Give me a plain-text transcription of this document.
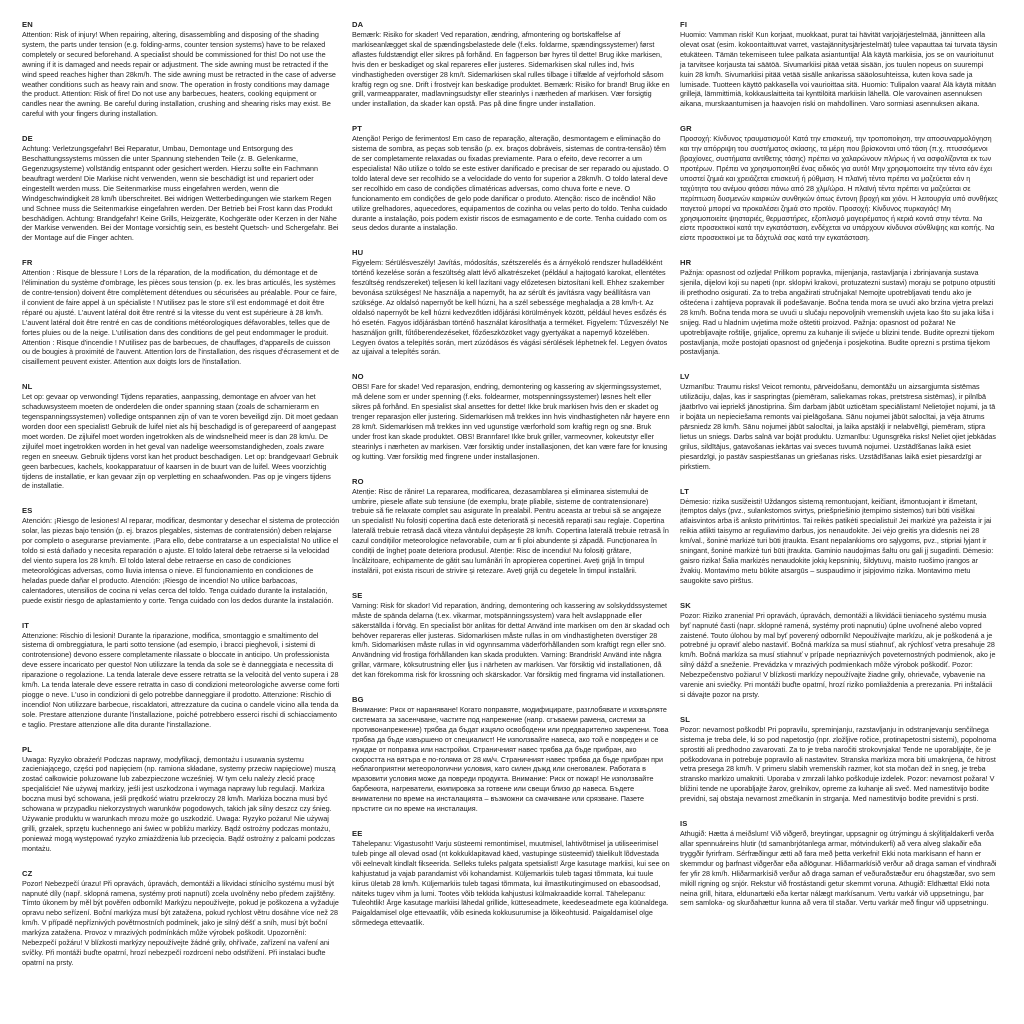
EN

Attention: Risk of injury! When repairing, altering, disassembling and disposing of the shading system, the parts under tension (e.g. folding-arms, counter tension systems) have to be relaxed completely or secured beforehand. A specialist should be commissioned for this! Do not use the awning if it is damaged and needs repair or adjustment. The side awning must be retracted if the wind speed reaches higher than 28km/h. The side awning must be retracted in the case of adverse weather conditions such as heavy rain and snow. The operation in frosty conditions may damage the product. Attention: Risk of fire! Do not use any barbecues, heaters, cooking equipment or candles near the awning. Be careful during installation, crushing and shearing risks may exist. Be careful with your fingers during installation.

DE

Achtung: Verletzungsgefahr! Bei Reparatur, Umbau, Demontage und Entsorgung des Beschattungssystems müssen die unter Spannung stehenden Teile (z. B. Gelenkarme, Gegenzugsysteme) vollständig entspannt oder gesichert werden. Hierzu sollte ein Fachmann beauftragt werden! Die Markise nicht verwenden, wenn sie beschädigt ist und repariert oder eingestellt werden muss. Die Seitenmarkise muss eingefahren werden, wenn die Windgeschwindigkeit 28 km/h überschreitet. Bei widrigen Wetterbedingungen wie starkem Regen und Schnee muss die Seitenmarkise eingefahren werden. Der Betrieb bei Frost kann das Produkt beschädigen. Achtung: Brandgefahr! Keine Grills, Heizgeräte, Kochgeräte oder Kerzen in der Nähe der Markise verwenden. Bei der Montage vorsichtig sein, es besteht Quetsch- und Schergefahr. Bei der Montage auf die Finger achten.

FR

Attention : Risque de blessure ! Lors de la réparation, de la modification, du démontage et de l'élimination du système d'ombrage, les pièces sous tension (p. ex. les bras articulés, les systèmes de contre-tension) doivent être complètement détendues ou sécurisées au préalable. Pour ce faire, il convient de faire appel à un spécialiste ! N'utilisez pas le store s'il est endommagé et doit être réparé ou ajusté. L'auvent latéral doit être rentré si la vitesse du vent est supérieure à 28 km/h. L'auvent latéral doit être rentré en cas de conditions météorologiques défavorables, telles que de fortes pluies ou de la neige. L'utilisation dans des conditions de gel peut endommager le produit. Attention : Risque d'incendie ! N'utilisez pas de barbecues, de chauffages, d'appareils de cuisson ou de bougies à proximité de l'auvent. Attention lors de l'installation, des risques d'écrasement et de cisaillement peuvent exister. Attention aux doigts lors de l'installation.

NL

Let op: gevaar op verwonding! Tijdens reparaties, aanpassing, demontage en afvoer van het schaduwsysteem moeten de onderdelen die onder spanning staan (zoals de scharnierarm en tegenspanningssystemen) volledige ontspannen zijn of van te voren beveiligd zijn. Dit moet gedaan worden door een specialist! Gebruik de luifel niet als hij beschadigd is of gerepareerd of aangepast moet worden. De zijluifel moet worden ingetrokken als de windsnelheid meer is dan 28 km/u. De zijluifel moet ingetrokken worden in het geval van nadelige weersomstandigheden, zoals zware regen en sneeuw. Gebruik tijdens vorst kan het product beschadigen. Let op: brandgevaar! Gebruik geen barbecues, kachels, kookapparatuur of kaarsen in de buurt van de luifel. Wees voorzichtig tijdens de installatie, er kan gevaar zijn op verpletting en schaafwonden. Pas op je vingers tijdens de installatie.

ES

Atención: ¡Riesgo de lesiones! Al reparar, modificar, desmontar y desechar el sistema de protección solar, las piezas bajo tensión (p. ej. brazos plegables, sistemas de contratensión) deben relajarse por completo o asegurarse previamente. ¡Para ello, debe contratarse a un especialista! No utilice el toldo si está dañado y necesita reparación o ajuste. El toldo lateral debe retraerse si la velocidad del viento supera los 28 km/h. El toldo lateral debe retraerse en caso de condiciones meteorológicas adversas, como lluvia intensa o nieve. El funcionamiento en condiciones de heladas puede dañar el producto. Atención: ¡Riesgo de incendio! No utilice barbacoas, calentadores, utensilios de cocina ni velas cerca del toldo. Tenga cuidado durante la instalación, puede existir riesgo de aplastamiento y corte. Tenga cuidado con los dedos durante la instalación.

IT

Attenzione: Rischio di lesioni! Durante la riparazione, modifica, smontaggio e smaltimento del sistema di ombreggiatura, le parti sotto tensione (ad esempio, i bracci pieghevoli, i sistemi di controtensione) devono essere completamente rilassate o bloccate in anticipo. Un professionista deve essere incaricato per questo! Non utilizzare la tenda da sole se è danneggiata e necessita di riparazione o regolazione. La tenda laterale deve essere retratta se la velocità del vento supera i 28 km/h. La tenda laterale deve essere retratta in caso di condizioni meteorologiche avverse come forti piogge o neve. L'uso in condizioni di gelo potrebbe danneggiare il prodotto. Attenzione: Rischio di incendio! Non utilizzare barbecue, riscaldatori, attrezzature da cucina o candele vicino alla tenda da sole. Prestare attenzione durante l'installazione, poiché potrebbero esserci rischi di schiacciamento e taglio. Prestare attenzione alle dita durante l'installazione.

PL

Uwaga: Ryzyko obrażeń! Podczas naprawy, modyfikacji, demontażu i usuwania systemu zacieniającego, części pod napięciem (np. ramiona składane, systemy przeciw napięciowe) muszą zostać całkowicie poluzowane lub zabezpieczone wcześniej. W tym celu należy zlecić pracę specjaliście! Nie używaj markizy, jeśli jest uszkodzona i wymaga naprawy lub regulacji. Markiza boczna musi być schowana, jeśli prędkość wiatru przekroczy 28 km/h. Markiza boczna musi być schowana w przypadku niekorzystnych warunków pogodowych, takich jak silny deszcz czy śnieg. Używanie produktu w warunkach mrozu może go uszkodzić. Uwaga: Ryzyko pożaru! Nie używaj grilli, grzałek, sprzętu kuchennego ani świec w pobliżu markizy. Bądź ostrożny podczas montażu, ponieważ mogą występować ryzyko zmiażdżenia lub przecięcia. Bądź ostrożny z palcami podczas montażu.

CZ

Pozor! Nebezpečí úrazu! Při opravách, úpravách, demontáži a likvidaci stínicího systému musí být napnuté díly (např. sklopná ramena, systémy proti napnutí) zcela uvolněny nebo předem zajištěny. Tímto úkonem by měl být pověřen odborník! Markýzu nepoužívejte, pokud je poškozena a vyžaduje opravu nebo seřízení. Boční markýza musí být zatažena, pokud rychlost větru dosáhne více než 28 km/h. V případě nepříznivých povětrnostních podmínek, jako je silný déšť a sníh, musí být boční markýza zatažena. Provoz v mrazivých podmínkách může výrobek poškodit. Upozornění: Nebezpečí požáru! V blízkosti markýzy nepoužívejte žádné grily, ohřívače, zařízení na vaření ani svíčky. Při montáži buďte opatrní, hrozí nebezpečí rozdrcení nebo odstřižení. Při instalaci buďte opatrní na prsty.

DA

Bemærk: Risiko for skader! Ved reparation, ændring, afmontering og bortskaffelse af markiseanlægget skal de spændingsbelastede dele (f.eks. foldarme, spændingssystemer) først aflastes fuldstændigt eller sikres på forhånd. En fagperson bør hyres til dette! Brug ikke markisen, hvis den er beskadiget og skal repareres eller justeres. Sidemarkisen skal rulles ind, hvis vindhastigheden overstiger 28 km/t. Sidemarkisen skal rulles tilbage i tilfælde af vejrforhold såsom kraftig regn og sne. Drift i frostvejr kan beskadige produktet. Bemærk: Risiko for brand! Brug ikke en grill, varmeapparater, madlavningsudstyr eller stearinlys i nærheden af markisen. Vær forsigtig under installation, da skader kan opstå. Pas på dine fingre under installation.

PT

Atenção! Perigo de ferimentos! Em caso de reparação, alteração, desmontagem e eliminação do sistema de sombra, as peças sob tensão (p. ex. braços dobráveis, sistemas de contra-tensão) têm de ser completamente relaxadas ou fixadas previamente. Para o efeito, deve recorrer a um especialista! Não utilize o toldo se este estiver danificado e precisar de ser reparado ou ajustado. O toldo lateral deve ser recolhido se a velocidade do vento for superior a 28km/h. O toldo lateral deve ser recolhido em caso de condições climatéricas adversas, como chuva forte e neve. O funcionamento em condições de gelo pode danificar o produto. Atenção: risco de incêndio! Não utilize grelhadores, aquecedores, equipamentos de cozinha ou velas perto do toldo. Tenha cuidado durante a instalação, pois podem existir riscos de esmagamento e de corte. Tenha cuidado com os seus dedos durante a instalação.

HU

Figyelem: Sérülésveszély! Javítás, módosítás, szétszerelés és a árnyékoló rendszer hulladékként történő kezelése során a feszültség alatt lévő alkatrészeket (például a hajtogató karokat, ellentétes feszültség rendszereket) teljesen ki kell lazítani vagy előzetesen biztosítani kell. Ehhez szakember bevonása szükséges! Ne használja a napernyőt, ha az sérült és javításra vagy beállításra van szüksége. Az oldalsó napernyőt be kell húzni, ha a szél sebessége meghaladja a 28 km/h-t. Az oldalsó napernyőt be kell húzni kedvezőtlen időjárási körülmények között, például heves esőzés és hó esetén. Fagyos időjárásban történő használat károsíthatja a terméket. Figyelem: Tűzveszély! Ne használjon grillt, fűtőberendezéseket, főzőeszközöket vagy gyertyákat a napernyő közelében. Legyen óvatos a telepítés során, mert zúzódásos és vágási sérülések léphetnek fel. Legyen óvatos az ujjaival a telepítés során.

NO

OBS! Fare for skade! Ved reparasjon, endring, demontering og kassering av skjermingssystemet, må delene som er under spenning (f.eks. foldearmer, motspenningssystemer) løsnes helt eller sikres på forhånd. En spesialist skal ansettes for dette! Ikke bruk markisen hvis den er skadet og trenger reparasjon eller justering. Sidemarkisen må trekkes inn hvis vindhastigheten når høyere enn 28 km/t. Sidemarkisen må trekkes inn ved ugunstige værforhold som kraftig regn og snø. Bruk under frost kan skade produktet. OBS! Brannfare! Ikke bruk griller, varmeovner, kokeutstyr eller stearinlys i nærheten av markisen. Vær forsiktig under installasjonen, det kan være fare for knusing og kutting. Vær forsiktig med fingrene under installasjonen.

RO

Atenție: Risc de rănire! La repararea, modificarea, dezasamblarea și eliminarea sistemului de umbrire, piesele aflate sub tensiune (de exemplu, brațe pliabile, sisteme de contratensionare) trebuie să fie relaxate complet sau asigurate în prealabil. Pentru aceasta ar trebui să se angajeze un specialist! Nu folosiți copertina dacă este deteriorată și necesită reparații sau reglaje. Copertina laterală trebuie retrasă dacă viteza vântului depășește 28 km/h. Copertina laterală trebuie retrasă în cazul condițiilor meteorologice nefavorabile, cum ar fi ploi abundente și zăpadă. Funcționarea în condiții de îngheț poate deteriora produsul. Atenție: Risc de incendiu! Nu folosiți grătare, încălzitoare, echipamente de gătit sau lumânări în apropierea copertinei. Aveți grijă în timpul instalării, pot exista riscuri de strivire și retezare. Aveți grijă cu degetele în timpul instalării.

SE

Varning: Risk för skador! Vid reparation, ändring, demontering och kassering av solskyddssystemet måste de spända delarna (t.ex. vikarmar, motspänningssystem) vara helt avslappnade eller säkerställda i förväg. En specialist bör anlitas för detta! Använd inte markisen om den är skadad och behöver repareras eller justeras. Sidomarkisen måste rullas in om vindhastigheten överstiger 28 km/h. Sidomarkisen måste rullas in vid ogynnsamma väderförhållanden som kraftigt regn eller snö. Användning vid frostiga förhållanden kan skada produkten. Varning: Brandrisk! Använd inte några grillar, värmare, köksutrustning eller ljus i närheten av markisen. Var försiktig vid installationen, då det kan förekomma risk för krossning och skärskador. Var försiktig med fingrarna vid installationen.

BG

Внимание: Риск от нараняване! Когато поправяте, модифицирате, разглобявате и изхвърляте системата за засенчване, частите под напрежение (напр. сгъваеми рамена, системи за противонапрежение) трябва да бъдат изцяло освободени или предварително закрепени. Това трябва да бъде извършено от специалист! Не използвайте навеса, ако той е повреден и се нуждае от поправка или настройки. Страничният навес трябва да бъде прибран, ако скоростта на вятъра е по-голяма от 28 км/ч. Страничният навес трябва да бъде прибран при неблагоприятни метеорологични условия, като силен дъжд или снеговалеж. Работата в мразовити условия може да повреди продукта. Внимание: Риск от пожар! Не използвайте барбекюта, нагреватели, екипировка за готвене или свещи близо до навеса. Бъдете внимателни по време на инсталацията – възможни са смачкване или срязване. Пазете пръстите си по време на инсталация.

EE

Tähelepanu: Vigastusoht! Varju süsteemi remontimisel, muutmisel, lahtivõtmisel ja utiliseerimisel tuleb pinge all olevad osad (nt kokkuklapitavad käed, vastupinge süsteemid) täielikult lõdvestada või eelnevalt kindlalt fikseerida. Selleks tuleks palgata spetsialist! Ärge kasutage markiisi, kui see on kahjustatud ja vajab parandamist või kohandamist. Küljemarkiis tuleb tagasi tõmmata, kui tuule kiirus ületab 28 km/h. Küljemarkiis tuleb tagasi tõmmata, kui ilmastikutingimused on ebasoodsad, näiteks tugev vihm ja lumi. Tootes võib tekkida kahjustusi külmakraadide korral. Tähelepanu: Tuleohtlik! Ärge kasutage markiisi lähedal grillide, kütteseadmete, keedeseadmete ega küünaldega. Paigaldamisel olge ettevaatlik, võib esineda kokkusurumise ja lõikeohtusid. Paigaldamisel olge sõrmedega ettevaatlik.

FI

Huomio: Vamman riski! Kun korjaat, muokkaat, purat tai hävität varjojärjestelmää, jännitteen alla olevat osat (esim. kokoontaittuvat varret, vastajännitysjärjestelmät) tulee vapauttaa tai turvata täysin etukäteen. Tämän tekemiseen tulee palkata asiantuntija! Älä käytä markiisia, jos se on vaurioitunut ja tarvitsee korjausta tai säätöä. Sivumarkiisi pitää vetää sisään, jos tuulen nopeus on suurempi kuin 28 km/h. Sivumarkiisi pitää vetää sisälle ankarissa sääolosuhteissa, kuten kova sade ja lumisade. Tuotteen käyttö pakkasella voi vaurioittaa sitä. Huomio: Tulipalon vaara! Älä käytä mitään grillejä, lämmittimiä, kokkauslaitteita tai kynttilöitä markiisin lähellä. Ole varovainen asennuksen aikana, murskaantumisen ja haavojen riski on mahdollinen. Varo sormiasi asennuksen aikana.

GR

Προσοχή: Κίνδυνος τραυματισμού! Κατά την επισκευή, την τροποποίηση, την αποσυναρμολόγηση και την απόρριψη του συστήματος σκίασης, τα μέρη που βρίσκονται υπό τάση (π.χ. πτυσσόμενοι βραχίονες, συστήματα αντίθετης τάσης) πρέπει να χαλαρώνουν πλήρως ή να ασφαλίζονται εκ των προτέρων. Πρέπει να χρησιμοποιηθεί ένας ειδικός για αυτό! Μην χρησιμοποιείτε την τέντα εάν έχει υποστεί ζημιά και χρειάζεται επισκευή ή ρύθμιση. Η πλαϊνή τέντα πρέπει να μαζεύεται εάν η ταχύτητα του ανέμου φτάσει πάνω από 28 χλμ/ώρα. Η πλαϊνή τέντα πρέπει να μαζεύεται σε περίπτωση δυσμενών καιρικών συνθηκών όπως έντονη βροχή και χιόνι. Η λειτουργία υπό συνθήκες παγετού μπορεί να προκαλέσει ζημιά στο προϊόν. Προσοχή: Κίνδυνος πυρκαγιάς! Μη χρησιμοποιείτε ψησταριές, θερμαστήρες, εξοπλισμό μαγειρέματος ή κεριά κοντά στην τέντα. Να είστε προσεκτικοί κατά την εγκατάσταση, ενδέχεται να υπάρχουν κίνδυνοι σύνθλιψης και κοπής. Να είστε προσεκτικοί με τα δάχτυλά σας κατά την εγκατάσταση.

HR

Pažnja: opasnost od ozljeda! Prilikom popravka, mijenjanja, rastavljanja i zbrinjavanja sustava sjenila, dijelovi koji su napeti (npr. sklopivi krakovi, protuzatezni sustavi) moraju se potpuno otpustiti ili prethodno osigurati. Za to treba angažirati stručnjaka! Nemojte upotrebljavati tendu ako je oštećena i zahtijeva popravak ili podešavanje. Bočna tenda mora se uvući ako brzina vjetra prelazi 28 km/h. Bočna tenda mora se uvući u slučaju nepovoljnih vremenskih uvjeta kao što su jaka kiša i snijeg. Rad u hladnim uvjetima može oštetiti proizvod. Pažnja: opasnost od požara! Ne upotrebljavajte roštilje, grijalice, opremu za kuhanje ili svijeće u blizini tende. Budite oprezni tijekom postavljanja, može postojati opasnost od gnječenja i posjekotina. Budite oprezni s prstima tijekom postavljanja.

LV

Uzmanību: Traumu risks! Veicot remontu, pārveidošanu, demontāžu un aizsargjumta sistēmas utilizāciju, daļas, kas ir saspringtas (piemēram, saliekamas rokas, pretstresa sistēmas), ir pilnībā jāatbrīvo vai iepriekš jānostiprina. Šim darbam jābūt uzticētam speciālistam! Nelietojiet nojumi, ja tā ir bojāta un nepieciešama remonts vai pielāgošana. Sānu nojumei jābūt salocītai, ja vēja ātrums pārsniedz 28 km/h. Sānu nojumei jābūt salocītai, ja laika apstākļi ir nelabvēlīgi, piemēram, stipra lietus un sniegs. Darbs salnā var bojāt produktu. Uzmanību: Ugunsgrēka risks! Neliet ojiet jebkādas grilus, sildītājus, gatavošanas iekārtas vai sveces tuvumā nojumei. Uzstādīšanas laikā esiet piesardzīgi, jo pastāv saspiestšanas un griešanas risks. Uzstādīšanas laikā esiet piesardzīgi ar pirkstiem.

LT

Dėmesio: rizika susižeisti! Uždangos sistemą remontuojant, keičiant, išmontuojant ir išmetant, įtemptos dalys (pvz., sulankstomos svirtys, priešpriešinio įtempimo sistemos) turi būti visiškai atlaisvintos arba iš anksto pritvirtintos. Tai reikės patikėti specialistui! Jei markizė yra pažeista ir jai reikia atlikti taisymo ar reguliavimo darbus, jos nenaudokite. Jei vėjo greitis yra didesnis nei 28 km/val., šoninė markizė turi būti įtraukta. Esant nepalankioms oro sąlygoms, pvz., stipriai lyjant ir sningant, šoninė markizė turi būti įtraukta. Gaminio naudojimas šaltu oru gali jį sugadinti. Dėmesio: gaisro rizika! Šalia markizės nenaudokite jokių kepsninių, šildytuvų, maisto ruošimo įrangos ar žvakių. Montavimo metu būkite atsargūs – suspaudimo ir įsipjovimo rizika. Montavimo metu saugokite savo pirštus.

SK

Pozor: Riziko zranenia! Pri opravách, úpravách, demontáži a likvidácii tieniaceho systému musia byť napnuté časti (napr. sklopné ramená, systémy proti napnutiu) úplne uvoľnené alebo vopred zaistené. Touto úlohou by mal byť poverený odborník! Nepoužívajte markízu, ak je poškodená a je potrebné ju opraviť alebo nastaviť. Bočná markíza sa musí stiahnuť, ak rýchlosť vetra presahuje 28 km/h. Bočná markíza sa musí stiahnuť v prípade nepriaznivých poveternostných podmienok, ako je silný dážď a sneženie. Prevádzka v mrazivých podmienkach môže výrobok poškodiť. Pozor: Nebezpečenstvo požiaru! V blízkosti markízy nepoužívajte žiadne grily, ohrievače, vybavenie na varenie ani sviečky. Pri montáži buďte opatrní, hrozí riziko pomliaždenia a prerezania. Pri inštalácii si dávajte pozor na prsty.

SL

Pozor: nevarnost poškodb! Pri popravilu, spreminjanju, razstavljanju in odstranjevanju senčilnega sistema je treba dele, ki so pod napetostjo (npr. zložljive ročice, protinapetostni sistemi), popolnoma sprostiti ali predhodno zavarovati. Za to je treba naročiti strokovnjaka! Tende ne uporabljajte, če je poškodovana in potrebuje popravilo ali nastavitev. Stranska markiza mora biti umaknjena, če hitrost vetra presega 28 km/h. V primeru slabih vremenskih razmer, kot sta močan dež in sneg, je treba stransko markizo umakniti. Uporaba v zmrzali lahko poškoduje izdelek. Pozor: nevarnost požara! V bližini tende ne uporabljajte žarov, grelnikov, opreme za kuhanje ali sveč. Med namestitvijo bodite previdni, saj obstaja nevarnost zmečkanin in strganja. Med namestitvijo bodite previdni s prsti.

IS

Athugið: Hætta á meiðslum! Við viðgerð, breytingar, uppsagnir og útrýmingu á skýlitjaldakerfi verða allar spennuáreins hlutir (td samanbrjótanlega armar, mótvindukerfi) að vera alveg slakaðir eða tryggðir fyrirfram. Sérfræðingur ætti að fara með þetta verkefni! Ekki nota markísann ef hann er skemmdur og þarfnast viðgerðar eða aðlögunar. Hliðarmarkísið verður að draga saman ef vindhraði fer yfir 28 km/h. Hliðarmarkísið verður að draga saman ef veðuraðstæður eru óhagstæðar, svo sem mikill rigning og snjór. Rekstur við frostástandi getur skemmt voruna. Athugið: Eldhætta! Ekki nota neina grill, hitara, eldunartæki eða kertar nálægt markísanum. Vertu varkár við uppsetningu, þar sem samloka- og skurðahættur kunna að vera til staðar. Vertu varkár með fingur við uppsetningu.
